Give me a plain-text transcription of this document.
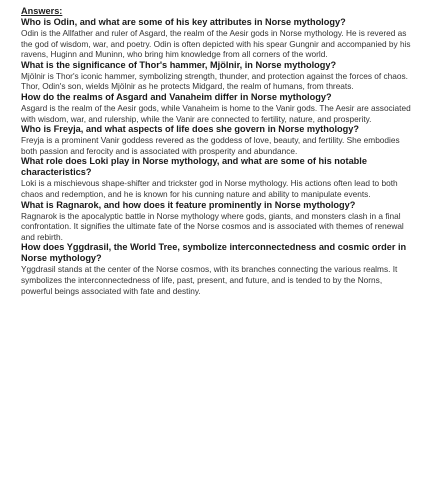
Answers:

Who is Odin, and what are some of his key attributes in Norse mythology?

Odin is the Allfather and ruler of Asgard, the realm of the Aesir gods in Norse mythology. He is revered as the god of wisdom, war, and poetry. Odin is often depicted with his spear Gungnir and accompanied by his ravens, Huginn and Muninn, who bring him knowledge from all corners of the world.

What is the significance of Thor's hammer, Mjölnir, in Norse mythology?

Mjölnir is Thor's iconic hammer, symbolizing strength, thunder, and protection against the forces of chaos. Thor, Odin's son, wields Mjölnir as he protects Midgard, the realm of humans, from threats.

How do the realms of Asgard and Vanaheim differ in Norse mythology?

Asgard is the realm of the Aesir gods, while Vanaheim is home to the Vanir gods. The Aesir are associated with wisdom, war, and rulership, while the Vanir are connected to fertility, nature, and prosperity.

Who is Freyja, and what aspects of life does she govern in Norse mythology?

Freyja is a prominent Vanir goddess revered as the goddess of love, beauty, and fertility. She embodies both passion and ferocity and is associated with prosperity and abundance.

What role does Loki play in Norse mythology, and what are some of his notable characteristics?

Loki is a mischievous shape-shifter and trickster god in Norse mythology. His actions often lead to both chaos and redemption, and he is known for his cunning nature and ability to manipulate events.

What is Ragnarok, and how does it feature prominently in Norse mythology?

Ragnarok is the apocalyptic battle in Norse mythology where gods, giants, and monsters clash in a final confrontation. It signifies the ultimate fate of the Norse cosmos and is associated with themes of renewal and rebirth.

How does Yggdrasil, the World Tree, symbolize interconnectedness and cosmic order in Norse mythology?

Yggdrasil stands at the center of the Norse cosmos, with its branches connecting the various realms. It symbolizes the interconnectedness of life, past, present, and future, and is tended to by the Norns, powerful beings associated with fate and destiny.
